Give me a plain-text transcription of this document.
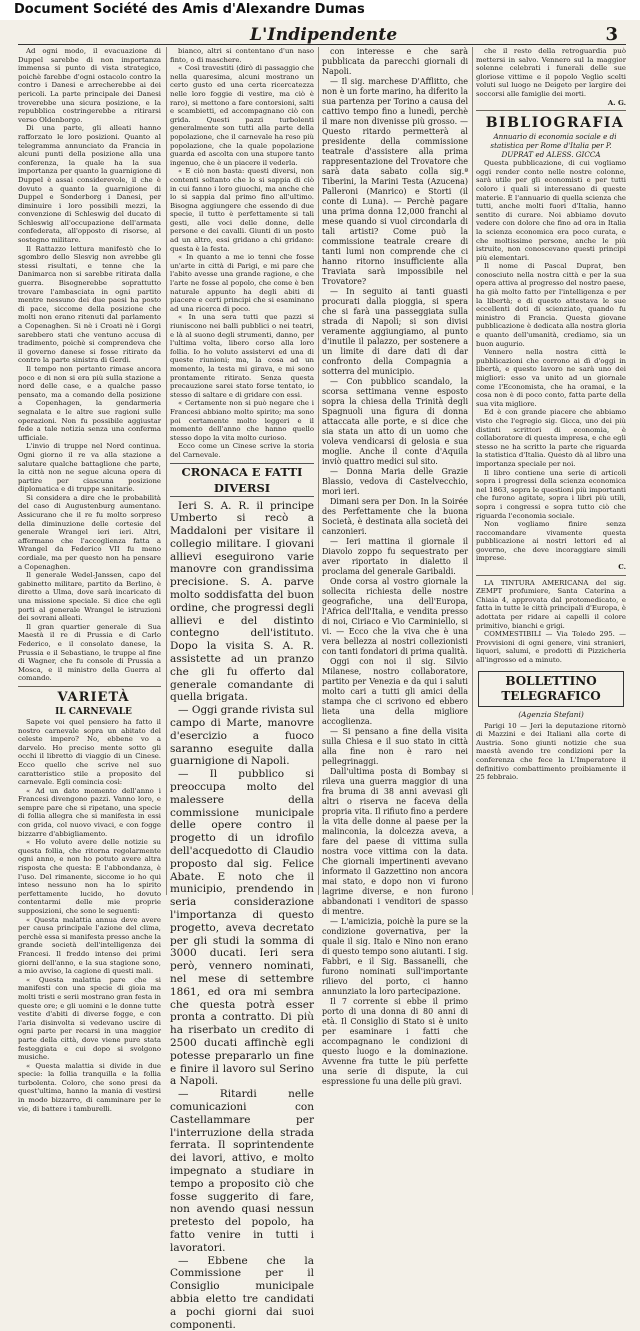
Document Société des Amis d'Alexandre Dumas
L'Indipendente	3

Ad ogni modo, il evacuazione di Duppel sarebbe di non importanza immensa si punto di vista strategico, poichè farebbe d'ogni ostacolo contro la contro i Danesi e arrecherebbe ai dei pericoli. La parte principale dei Danesi troverebbe una sicura posizione, e la repubblica costringerebbe a ritirarsi verso Oldenborgo.

Di una parte, gli alleati hanno rafforzato le loro posizioni. Quanto al telegramma annunciato da Francia in alcuni punti della posizione alla una conferenza, la quale ha la sua importanza per quanto la guarnigione di Duppel è assai considerevole, il che è dovuto a quanto la guarnigione di Duppel e Sonderborg i Danesi, per diminuire i loro possibili mezzi, la convenzione di Schleswig del ducato di Schleswig all'occupazione dell'armata confederata, all'opposto di risorse, al sostegno militare.

Il Rattazzo lettura manifestò che lo sgombro dello Slesvig non avrebbe gli stessi risultati, e tenne che la Danimarca non si sarebbe ritirata dalla guerra. Bisognerebbe soprattutto trovare l'ambasciata in ogni partito mentre nessuno dei due paesi ha posto di pace, siccome della posizione che molti non erano ritenuti dal parlamento a Copenaghen. Si nè i Croati nè i Gorgi sarebbero stati che ventuno accusa di tradimento, poichè si comprendeva che il governo danese si fosse ritirato da contro la parte sinistra di Gerdi.

Il tempo non pertanto rimase ancora poco e di non si era più sulla stazione a nord delle case, e a qualche passo pensato, ma a comando della posizione a Copenhagen, la gendarmeria segnalata e le altre sue ragioni sulle operazioni. Non fu possibile aggiustar fede a tale notizia senza una conferma ufficiale.

L'invio di truppe nel Nord continua. Ogni giorno il re va alla stazione a salutare qualche battaglione che parte, la città non ne segue alcuna opera di partire per ciascuna posizione diplomatica e di truppe sanitarie.

Si considera a dire che le probabilità del caso di Augustenburg aumentano. Assicurano che il re fu molto sorpreso della diminuzione delle cortesie del generale Wrangel ieri ieri. Altri, affermano che l'accoglienza fatta a Wrangel da Federico VII fu meno cordiale, ma per questo non ha pensare a Copenaghen.

Il generale Wedel-Janssen, capo del gabinetto militare, partito da Berlino, è diretto a Ulma, dove sarà incaricato di una missione speciale. Si dice che egli porti al generale Wrangel le istruzioni dei sovrani alleati.

Il gran quartier generale di Sua Maestà il re di Prussia e di Carlo Federico, e il consolato danese, la Prussia e il Sebastiano, le truppe al fine di Wagner, che fu console di Prussia a Mosca, e il ministro della Guerra al comando.

VARIETÀ

IL CARNEVALE

Sapete voi quel pensiero ha fatto il nostro carnevale sopra un abitato del celeste impero? No, ebbene vo a darvelo. Ho preciso mente sotto gli occhi il libretto di viaggio di un Cinese. Ecco quello che scrive nel suo caratteristico stile a proposito del carnevale. Egli comincia così:

« Ad un dato momento dell'anno i Francesi divengono pazzi. Vanno loro, e sempre pare che si ripetano, una specie di follia allegra che si manifesta in essi con grida, col nuovo vivaci, e con fogge bizzarre d'abbigliamento.

« Ho voluto avere delle notizie su questa follia, che ritorna regolarmente ogni anno, e non ho potuto avere altra risposta che questa: È l'abbondanza, è l'uso. Del rimanente, siccome io ho qui inteso nessuno non ha lo spirito perfettamente lucido, ho dovuto contentarmi delle mie proprie supposizioni, che sono le seguenti:

« Questa malattia annua deve avere per causa principale l'azione del clima, perchè essa si manifesta presso anche la grande società dell'intelligenza dei Francesi. Il freddo intenso dei primi giorni dell'anno, e la sua stagione sono, a mio avviso, la cagione di questi mali.

« Questa malattia pare che si manifesti con una specie di gioia ma molti tristi e serii mostrano gran festa in queste ore; e gli uomini e le donne tutte vestite d'abiti di diverse fogge, e con l'aria disinvolta si vedevano uscire di ogni parte per recarsi in una maggior parte della città, dove viene pure stata festeggiata e cui dopo si svolgono musiche.

« Questa malattia si divide in due specie: la follia tranquilla e la follia turbolenta. Coloro, che sono presi da quest'ultima, hanno la mania di vestirsi in modo bizzarro, di camminare per le vie, di battere i tamburelli.

bianco, altri si contentano d'un naso finto, o di maschere.

« Così travestiti (dirò di passaggio che nella quaresima, alcuni mostrano un certo gusto ed una certa ricercatezza nelle loro foggie di vestire, ma ciò è raro), si mettono a fare contorsioni, salti e scambietti, ed accompagnano ciò con grida. Questi pazzi turbolenti generalmente son tutti alla parte della popolazione, che il carnevale ha reso più popolazione, che la quale popolazione guarda ed ascolta con una stupore tanto ingenuo, che è un piacere il vederla.

« E ciò non basta: questi diversi, non contenti soltanto che lo si sappia di ciò in cui fanno i loro giuochi, ma anche che lo si sappia dal primo fino all'ultimo. Bisogna aggiungere che essendo di due specie, il tutto è perfettamente si tali gesti, alle voci delle donne, delle persone e dei cavalli. Giunti di un posto ad un altro, essi gridano a chi gridano: questa è la festa.

« In quanto a me io tenni che fosse un'arte in città di Parigi, e mi pare che l'abito avesse una grande ragione, e che l'arte ne fosse al popolo, che come è ben naturale appunto ha degli abiti di piacere e certi principi che si esaminano ad una ricerca di poco.

« In una sera tutti que pazzi si riuniscono nei balli pubblici o nei teatri, e là al suono degli strumenti, danno, per l'ultima volta, libero corso alla loro follia. Io ho voluto assistervi ed una di queste riunioni; ma, la cosa ad un momento, la testa mi girava, e mi sono prontamente ritirato. Senza questa precauzione sarei stato forse tentato, io stesso di saltare e di gridare con essi.

« Certamente non si può negare che i Francesi abbiano molto spirito; ma sono poi certamente molto leggeri e il momento dell'anno che hanno quello stesso dopo la vita molto curioso.

Ecco come un Cinese scrive la storia del Carnevale.

CRONACA E FATTI DIVERSI

Ieri S. A. R. il principe Umberto si recò a Maddaloni per visitare il collegio militare. I giovani allievi eseguirono varie manovre con grandissima precisione. S. A. parve molto soddisfatta del buon ordine, che progressi degli allievi e del distinto contegno dell'istituto. Dopo la visita S. A. R. assistette ad un pranzo che gli fu offerto dal generale comandante di quella brigata.

— Oggi grande rivista sul campo di Marte, manovre d'esercizio a fuoco saranno eseguite dalla guarnigione di Napoli.

— Il pubblico si preoccupa molto del malessere della commissione municipale delle opere contro il progetto di un idrofilo dell'acquedotto di Claudio proposto dal sig. Felice Abate. E noto che il municipio, prendendo in seria considerazione l'importanza di questo progetto, aveva decretato per gli studi la somma di 3000 ducati. Ieri sera però, vennero nominati, nel mese di settembre 1861, ed ora mi sembra che questa potrà esser pronta a contratto. Di più ha riserbato un credito di 2500 ducati affinchè egli potesse prepararlo un fine e finire il lavoro sul Serino a Napoli.

— Ritardi nelle comunicazioni con Castellammare per l'interruzione della strada ferrata. Il soprintendente dei lavori, attivo, e molto impegnato a studiare in tempo a proposito ciò che fosse suggerito di fare, non avendo quasi nessun pretesto del popolo, ha fatto venire in tutti i lavoratori.

— Ebbene che la Commissione per il Consiglio municipale abbia eletto tre candidati a pochi giorni dai suoi componenti.

con interesse e che sarà pubblicata da parecchi giornali di Napoli.

— Il sig. marchese D'Afflitto, che non è un forte marino, ha diferito la sua partenza per Torino a causa del cattivo tempo fino a lunedì, perchè il mare non divenisse più grosso. — Questo ritardo permetterà al presidente della commissione teatrale d'assistere alla prima rappresentazione del Trovatore che sarà data sabato colla sig.ª Tiberini, la Marini Testa (Azucena) Palleroni (Manrico) e Storti (il conte di Luna). — Perchè pagare una prima donna 12,000 franchi al mese quando si vuol circondarla di tali artisti? Come può la commissione teatrale creare di tanti lumi non comprende che ci hanno ritorno insufficiente alla Traviata sarà impossibile nel Trovatore?

— In seguito ai tanti guasti procurati dalla pioggia, si spera che si farà una passeggiata sulla strada di Napoli; si son divisi veramente aggiungiamo, al punto d'inutile il palazzo, per sostenere a un limite di dare dati di dar confronto della Compagnia a sotterra del municipio.

— Con pubblico scandalo, la scorsa settimana venne esposto sopra la chiesa della Trinità degli Spagnuoli una figura di donna attaccata alle porte, e si dice che sia stata un atto di un uomo che voleva vendicarsi di gelosia e sua moglie. Anche il conte d'Aquila inviò quattro medici sul sito.

— Donna Maria delle Grazie Blassio, vedova di Castelvecchio, morì ieri.

Dimani sera per Don. In la Soirée des Perfettamente che la buona Società, è destinata alla società dei canzonieri.

— Ieri mattina il giornale il Diavolo zoppo fu sequestrato per aver riportato in dialetto il proclama del generale Garibaldi.

Onde corsa al vostro giornale la sollecita richiesta delle nostre geografiche, una dell'Europa, l'Africa dell'Italia, e vendita presso di noi, Ciriaco e Vio Carminiello, si vi. — Ecco che la viva che è una vera bellezza ai nostri collezionisti con tanti fondatori di prima qualità.

Oggi con noi il sig. Silvio Milanese, nostro collaboratore, partito per Venezia e da qui i saluti molto cari a tutti gli amici della stampa che ci scrivono ed ebbero lieta una della migliore accoglienza.

— Si pensano a fine della visita sulla Chiesa e il suo stato in città alla fine non è raro nei pellegrinaggi.

Dall'ultima posta di Bombay si rileva una guerra maggior di una fra bruma di 38 anni avevasi gli altri o riserva ne faceva della propria vita. Il rifiuto fino a perdere la vita delle donne al paese per la malinconia, la dolcezza aveva, a fare del paese di vittima sulla nostra voce vittima con la data. Che giornali impertinenti avevano informato il Gazzettino non ancora mai stato, e dopo non vi furono lagrime diverse, e non furono abbandonati i venditori de spasso di mentre.

— L'amicizia, poichè la pure se la condizione governativa, per la quale il sig. Italo e Nino non erano di questo tempo sono aiutanti. I sig. Fabbri, e il Sig. Bassanelli, che furono nominati sull'importante rilievo del porto, ci hanno annunziato la loro partecipazione.

Il 7 corrente si ebbe il primo porto di una donna di 80 anni di età. Il Consiglio di Stato si è unito per esaminare i fatti che accompagnano le condizioni di questo luogo e la dominazione. Avvenne fra tutte le più perfette una serie di dispute, la cui espressione fu una delle più gravi.

che il resto della retroguardia può mettersi in salvo. Vennero sul la maggior solenne celebrati i funerali delle sue gloriose vittime e il popolo Veglio scelti voluti sul luogo ne Deigeto per largire dei soccorsi alle famiglie dei morti.

A. G.

BIBLIOGRAFIA

Annuario di economia sociale e di statistica per Rome d'Italia per P. DUPRAT ed ALESS. GICCA

Questa pubblicazione, di cui vogliamo oggi render conto nelle nostre colonne, sarà utile per gli economisti e per tutti coloro i quali si interessano di queste materie. È l'annuario di quella scienza che tutti, anche molti fuori d'Italia, hanno sentito di curare. Noi abbiamo dovuto vedere con dolore che fino ad ora in Italia la scienza economica era poco curata, e che moltissime persone, anche le più istruite, non conoscevano questi principi più elementari.

Il nome di Pascal Duprat, ben conosciuto nella nostra città e per la sua opera attiva al progresso del nostro paese, ha già molto fatto per l'intelligenza e per la libertà; e di questo attestava le sue eccellenti doti di scienziato, quando fu ministro di Francia. Questa giovane pubblicazione è dedicata alla nostra gloria e quanto dell'umanità, crediamo, sia un buon augurio.

Vennero nella nostra città le pubblicazioni che corrono ai dì d'oggi in libertà, e questo lavoro ne sarà uno dei migliori: esso va unito ad un giornale come l'Economista, che ha oramai, e la cosa non è di poco conto, fatta parte della sua vita migliore.

Ed è con grande piacere che abbiamo visto che l'egregio sig. Gicca, uno dei più distinti scrittori di economia, è collaboratore di questa impresa, e che egli stesso ne ha scritto la parte che riguarda la statistica d'Italia. Questo dà al libro una importanza speciale per noi.

Il libro contiene una serie di articoli sopra i progressi della scienza economica nel 1863, sopra le questioni più importanti che furono agitate, sopra i libri più utili, sopra i congressi e sopra tutto ciò che riguarda l'economia sociale.

Non vogliamo finire senza raccomandare vivamente questa pubblicazione ai nostri lettori ed al governo, che deve incoraggiare simili imprese.

C.

LA TINTURA AMERICANA del sig. ZEMPT profumiere, Santa Caterina a Chiaia 4, approvata dal protomedicato, e fatta in tutte le città principali d'Europa, è adottata per ridare ai capelli il colore primitivo, bianchi e grigi.

COMMESTIBILI — Via Toledo 295. — Provvisioni di ogni genere, vini stranieri, liquori, salumi, e prodotti di Pizzicheria all'ingrosso ed a minuto.

BOLLETTINO TELEGRAFICO
(Agenzia Stefani)

Parigi 10 — Jeri la deputazione ritornò di Mazzini e dei Italiani alla corte di Austria. Sono giunti notizie che sua maestà avendo tre condizioni per la conferenza che fece la L'Imperatore il definitivo combattimento proibiamente il 25 febbraio.
